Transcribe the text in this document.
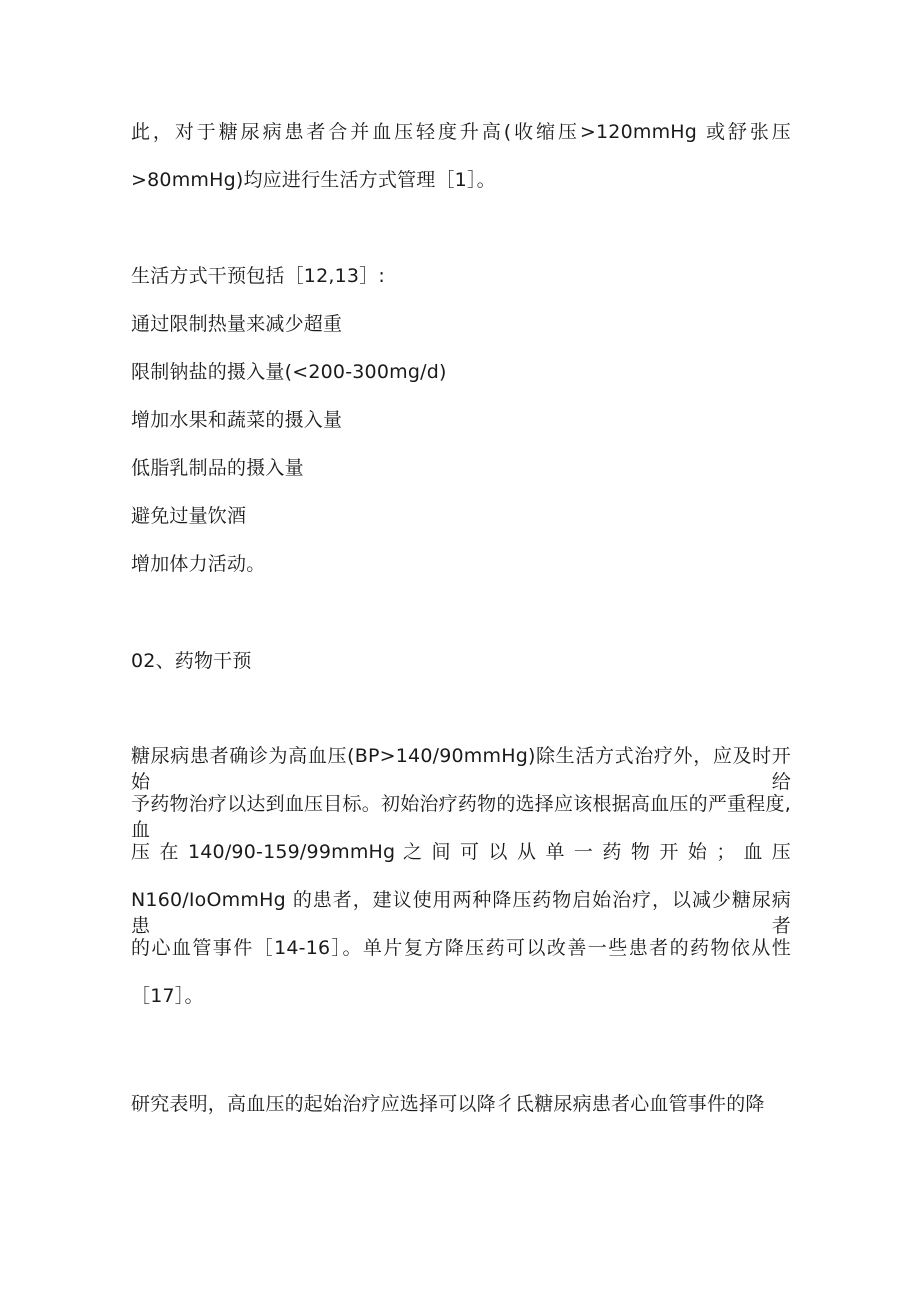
此，对于糖尿病患者合并血压轻度升高(收缩压>120mmHg 或舒张压
>80mmHg)均应进行生活方式管理［1］。
生活方式干预包括［12,13］:
通过限制热量来减少超重
限制钠盐的摄入量(<200-300mg∕d)
增加水果和蔬菜的摄入量
低脂乳制品的摄入量
避免过量饮酒
增加体力活动。
02、药物干预
糖尿病患者确诊为高血压(BP>140∕90mmHg)除生活方式治疗外，应及时开始给
予药物治疗以达到血压目标。初始治疗药物的选择应该根据高血压的严重程度,血
压 在 140/90-159∕99mmHg 之 间 可 以 从 单 一 药 物 开 始 ； 血 压
N160/IoOmmHg 的患者，建议使用两种降压药物启始治疗，以减少糖尿病患者
的心血管事件［14-16］。单片复方降压药可以改善一些患者的药物依从性
［17］。
研究表明，高血压的起始治疗应选择可以降彳氐糖尿病患者心血管事件的降
